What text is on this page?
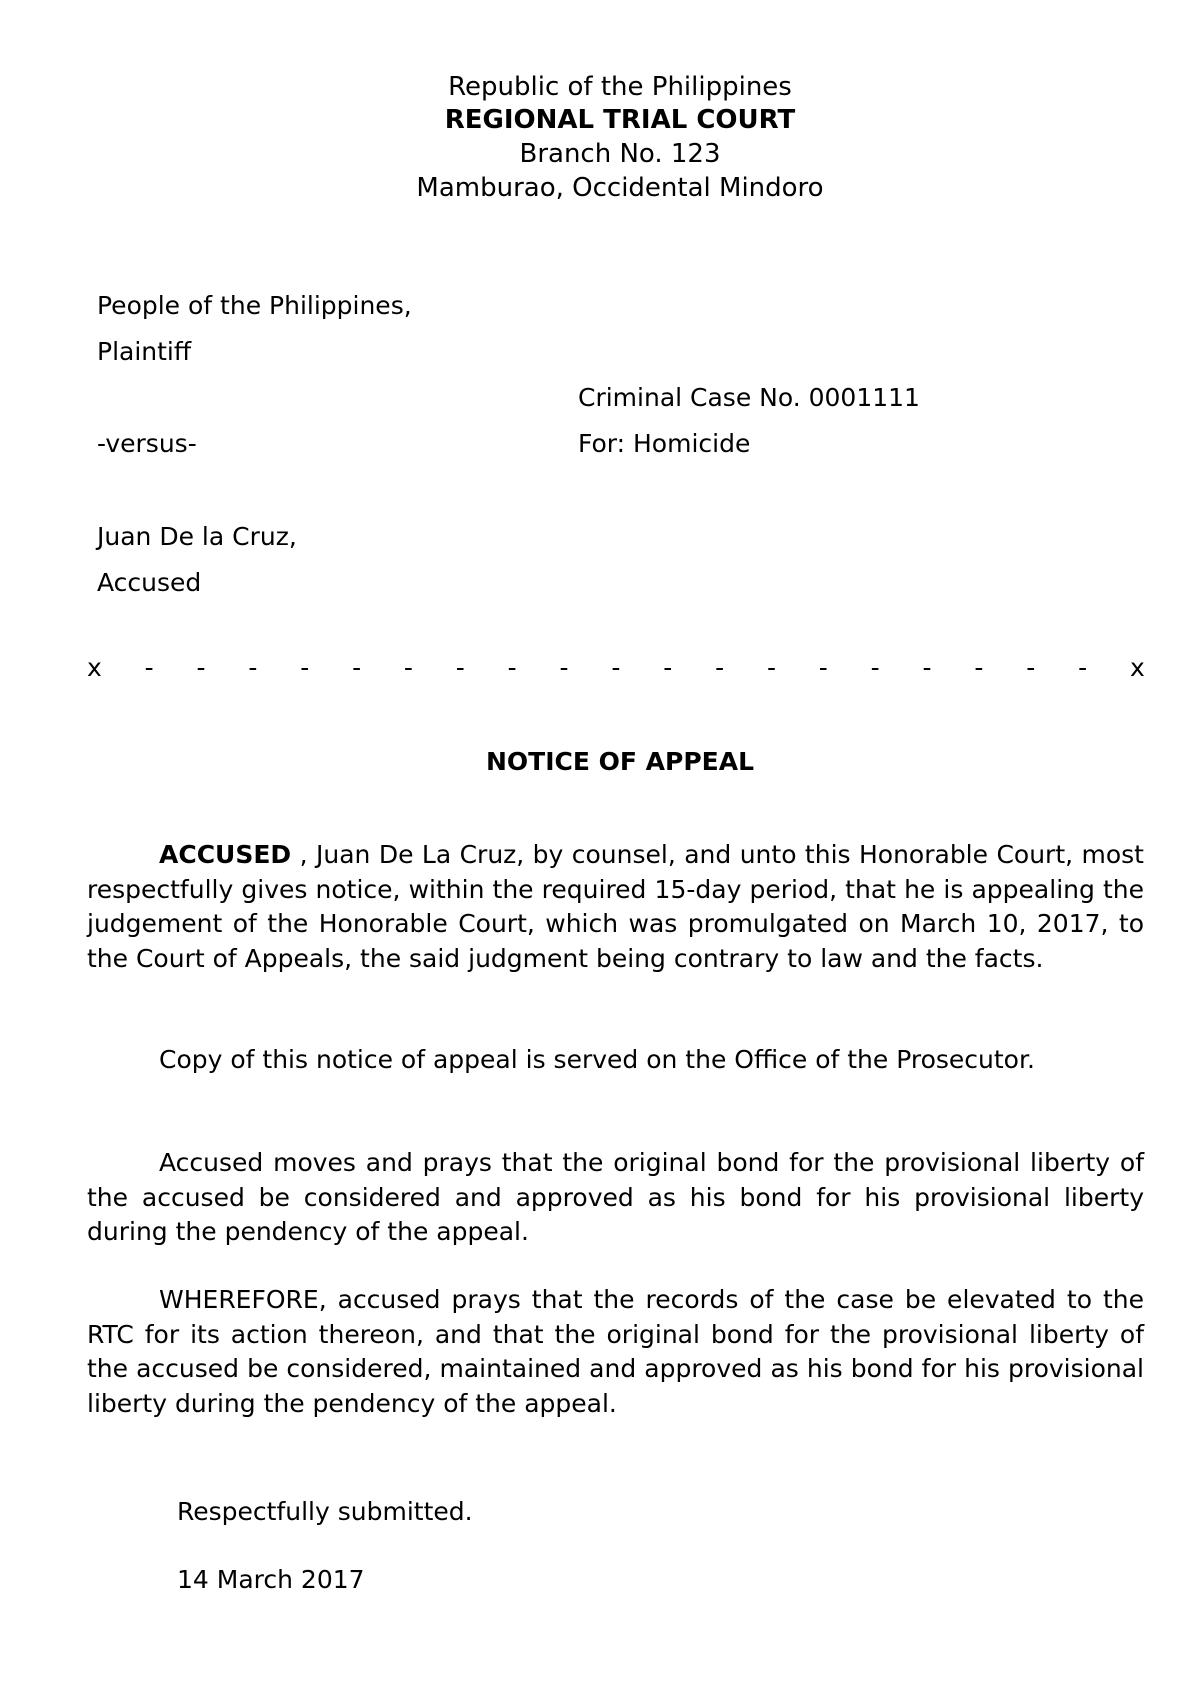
Republic of the Philippines
REGIONAL TRIAL COURT
Branch No. 123
Mamburao, Occidental Mindoro
People of the Philippines,
Plaintiff
Criminal Case No. 0001111
-versus-	For: Homicide
Juan De la Cruz,
Accused
x - - - - - - - - - - - - - - - - - - - x
NOTICE OF APPEAL

ACCUSED , Juan De La Cruz, by counsel, and unto this Honorable Court, most respectfully gives notice, within the required 15-day period, that he is appealing the judgement of the Honorable Court, which was promulgated on March 10, 2017, to the Court of Appeals, the said judgment being contrary to law and the facts.

Copy of this notice of appeal is served on the Office of the Prosecutor.

Accused moves and prays that the original bond for the provisional liberty of the accused be considered and approved as his bond for his provisional liberty during the pendency of the appeal.

WHEREFORE, accused prays that the records of the case be elevated to the RTC for its action thereon, and that the original bond for the provisional liberty of the accused be considered, maintained and approved as his bond for his provisional liberty during the pendency of the appeal.

Respectfully submitted.
14 March 2017
